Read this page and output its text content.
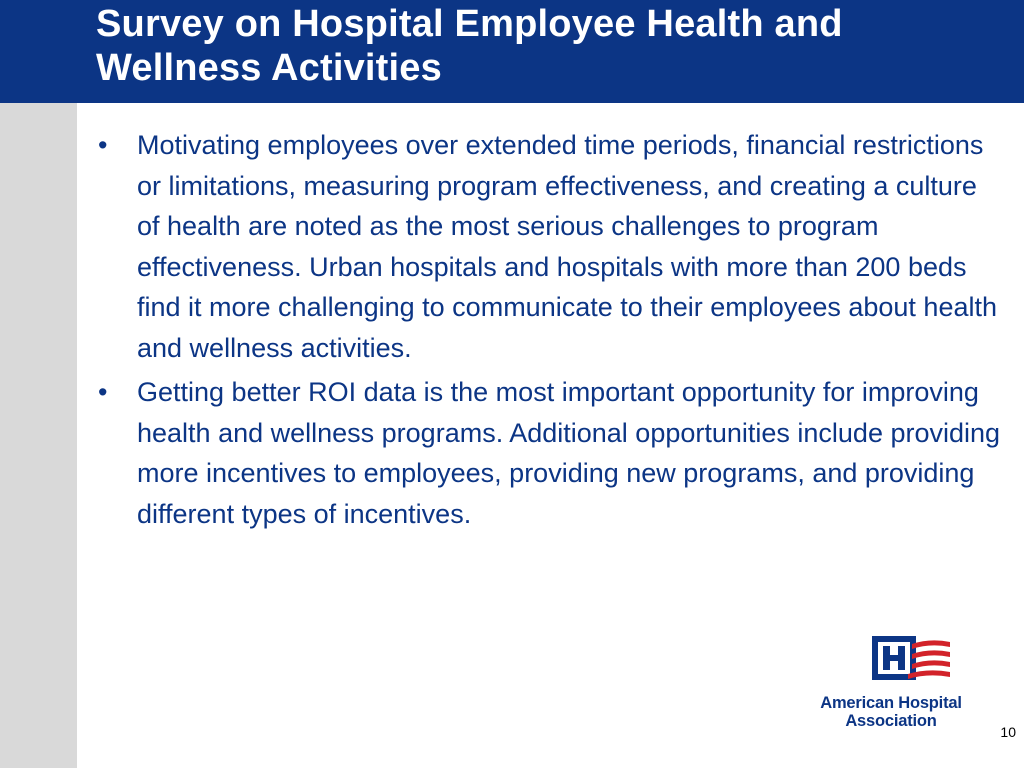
Survey on Hospital Employee Health and Wellness Activities
• Motivating employees over extended time periods, financial restrictions or limitations, measuring program effectiveness, and creating a culture of health are noted as the most serious challenges to program effectiveness. Urban hospitals and hospitals with more than 200 beds find it more challenging to communicate to their employees about health and wellness activities.
• Getting better ROI data is the most important opportunity for improving health and wellness programs. Additional opportunities include providing more incentives to employees, providing new programs, and providing different types of incentives.
American Hospital
Association
10
